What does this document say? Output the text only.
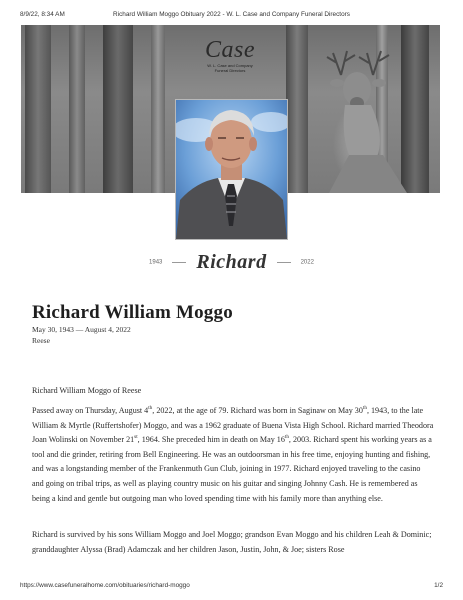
8/9/22, 8:34 AM	Richard William Moggo Obituary 2022 - W. L. Case and Company Funeral Directors
Case
W. L. Case and Company
Funeral Directors
1943 Richard	2022
Richard William Moggo
May 30, 1943 — August 4, 2022
Reese

Richard William Moggo of Reese

Passed away on Thursday, August 4th, 2022, at the age of 79. Richard was born in Saginaw on May 30th, 1943, to the late William & Myrtle (Ruffertshofer) Moggo, and was a 1962 graduate of Buena Vista High School. Richard married Theodora Joan Wolinski on November 21st, 1964. She preceded him in death on May 16th, 2003. Richard spent his working years as a tool and die grinder, retiring from Bell Engineering. He was an outdoorsman in his free time, enjoying hunting and fishing, and was a longstanding member of the Frankenmuth Gun Club, joining in 1977. Richard enjoyed traveling to the casino and going on tribal trips, as well as playing country music on his guitar and singing Johnny Cash. He is remembered as being a kind and gentle but outgoing man who loved spending time with his family more than anything else.

Richard is survived by his sons William Moggo and Joel Moggo; grandson Evan Moggo and his children Leah & Dominic; granddaughter Alyssa (Brad) Adamczak and her children Jason, Justin, John, & Joe; sisters Rose

https://www.casefuneralhome.com/obituaries/richard-moggo	1/2
